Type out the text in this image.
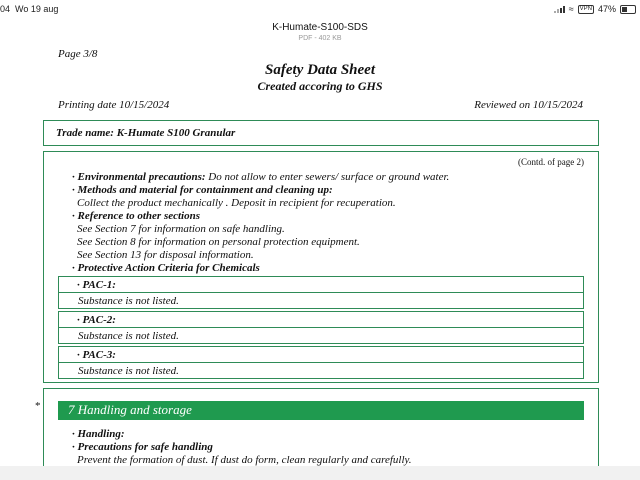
04 Wo 19 aug	≈	VPN 47%
K-Humate-S100-SDS
PDF - 402 KB
Page 3/8
Safety Data Sheet
Created accoring to GHS
Printing date 10/15/2024	Reviewed on 10/15/2024
Trade name: K-Humate S100 Granular
(Contd. of page 2)
· Environmental precautions: Do not allow to enter sewers/ surface or ground water.
· Methods and material for containment and cleaning up:
Collect the product mechanically . Deposit in recipient for recuperation.
· Reference to other sections
See Section 7 for information on safe handling.
See Section 8 for information on personal protection equipment.
See Section 13 for disposal information.
· Protective Action Criteria for Chemicals
· PAC-1:
Substance is not listed.
· PAC-2:
Substance is not listed.
· PAC-3:
Substance is not listed.
* 7 Handling and storage
· Handling:
· Precautions for safe handling
Prevent the formation of dust. If dust do form, clean regularly and carefully.
